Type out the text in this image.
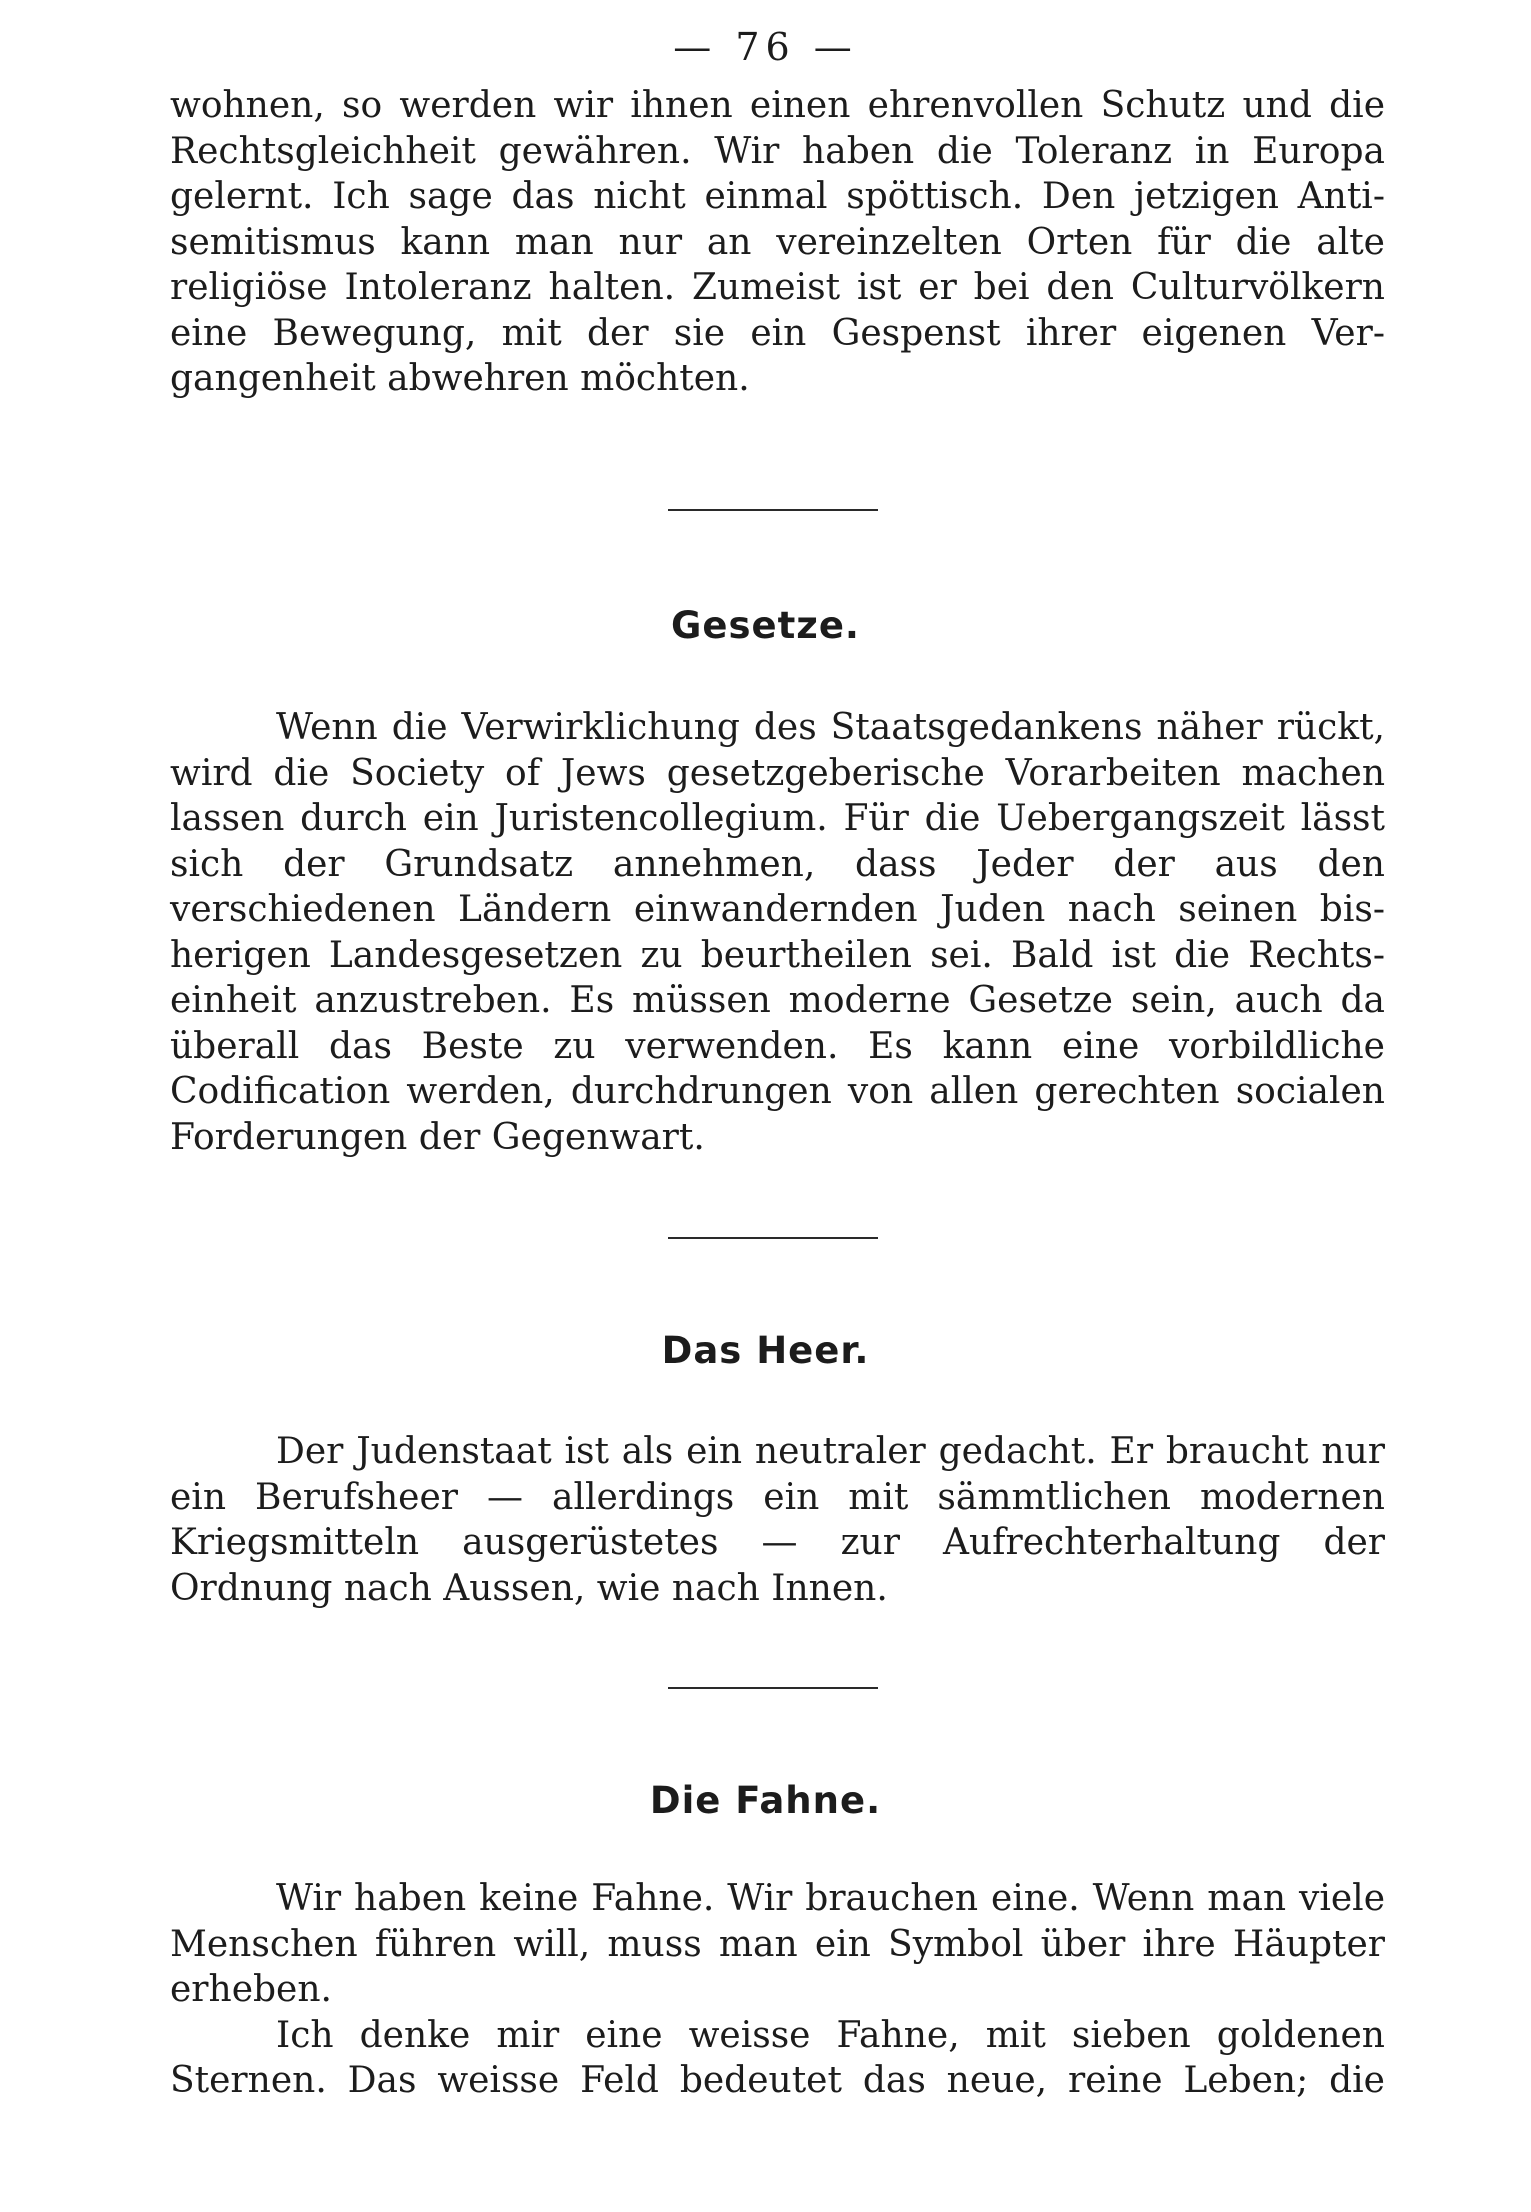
— 76 —

wohnen, so werden wir ihnen einen ehrenvollen Schutz und die Rechtsgleichheit gewähren. Wir haben die Toleranz in Europa gelernt. Ich sage das nicht einmal spöttisch. Den jetzigen Antisemitismus kann man nur an vereinzelten Orten für die alte religiöse Intoleranz halten. Zumeist ist er bei den Culturvölkern eine Bewegung, mit der sie ein Gespenst ihrer eigenen Vergangenheit abwehren möchten.

Gesetze.

Wenn die Verwirklichung des Staatsgedankens näher rückt, wird die Society of Jews gesetzgeberische Vorarbeiten machen lassen durch ein Juristencollegium. Für die Uebergangszeit lässt sich der Grundsatz annehmen, dass Jeder der aus den verschiedenen Ländern einwandernden Juden nach seinen bisherigen Landesgesetzen zu beurtheilen sei. Bald ist die Rechtseinheit anzustreben. Es müssen moderne Gesetze sein, auch da überall das Beste zu verwenden. Es kann eine vorbildliche Codification werden, durchdrungen von allen gerechten socialen Forderungen der Gegenwart.

Das Heer.

Der Judenstaat ist als ein neutraler gedacht. Er braucht nur ein Berufsheer — allerdings ein mit sämmtlichen modernen Kriegsmitteln ausgerüstetes — zur Aufrechterhaltung der Ordnung nach Aussen, wie nach Innen.

Die Fahne.

Wir haben keine Fahne. Wir brauchen eine. Wenn man viele Menschen führen will, muss man ein Symbol über ihre Häupter erheben.

Ich denke mir eine weisse Fahne, mit sieben goldenen Sternen. Das weisse Feld bedeutet das neue, reine Leben; die
